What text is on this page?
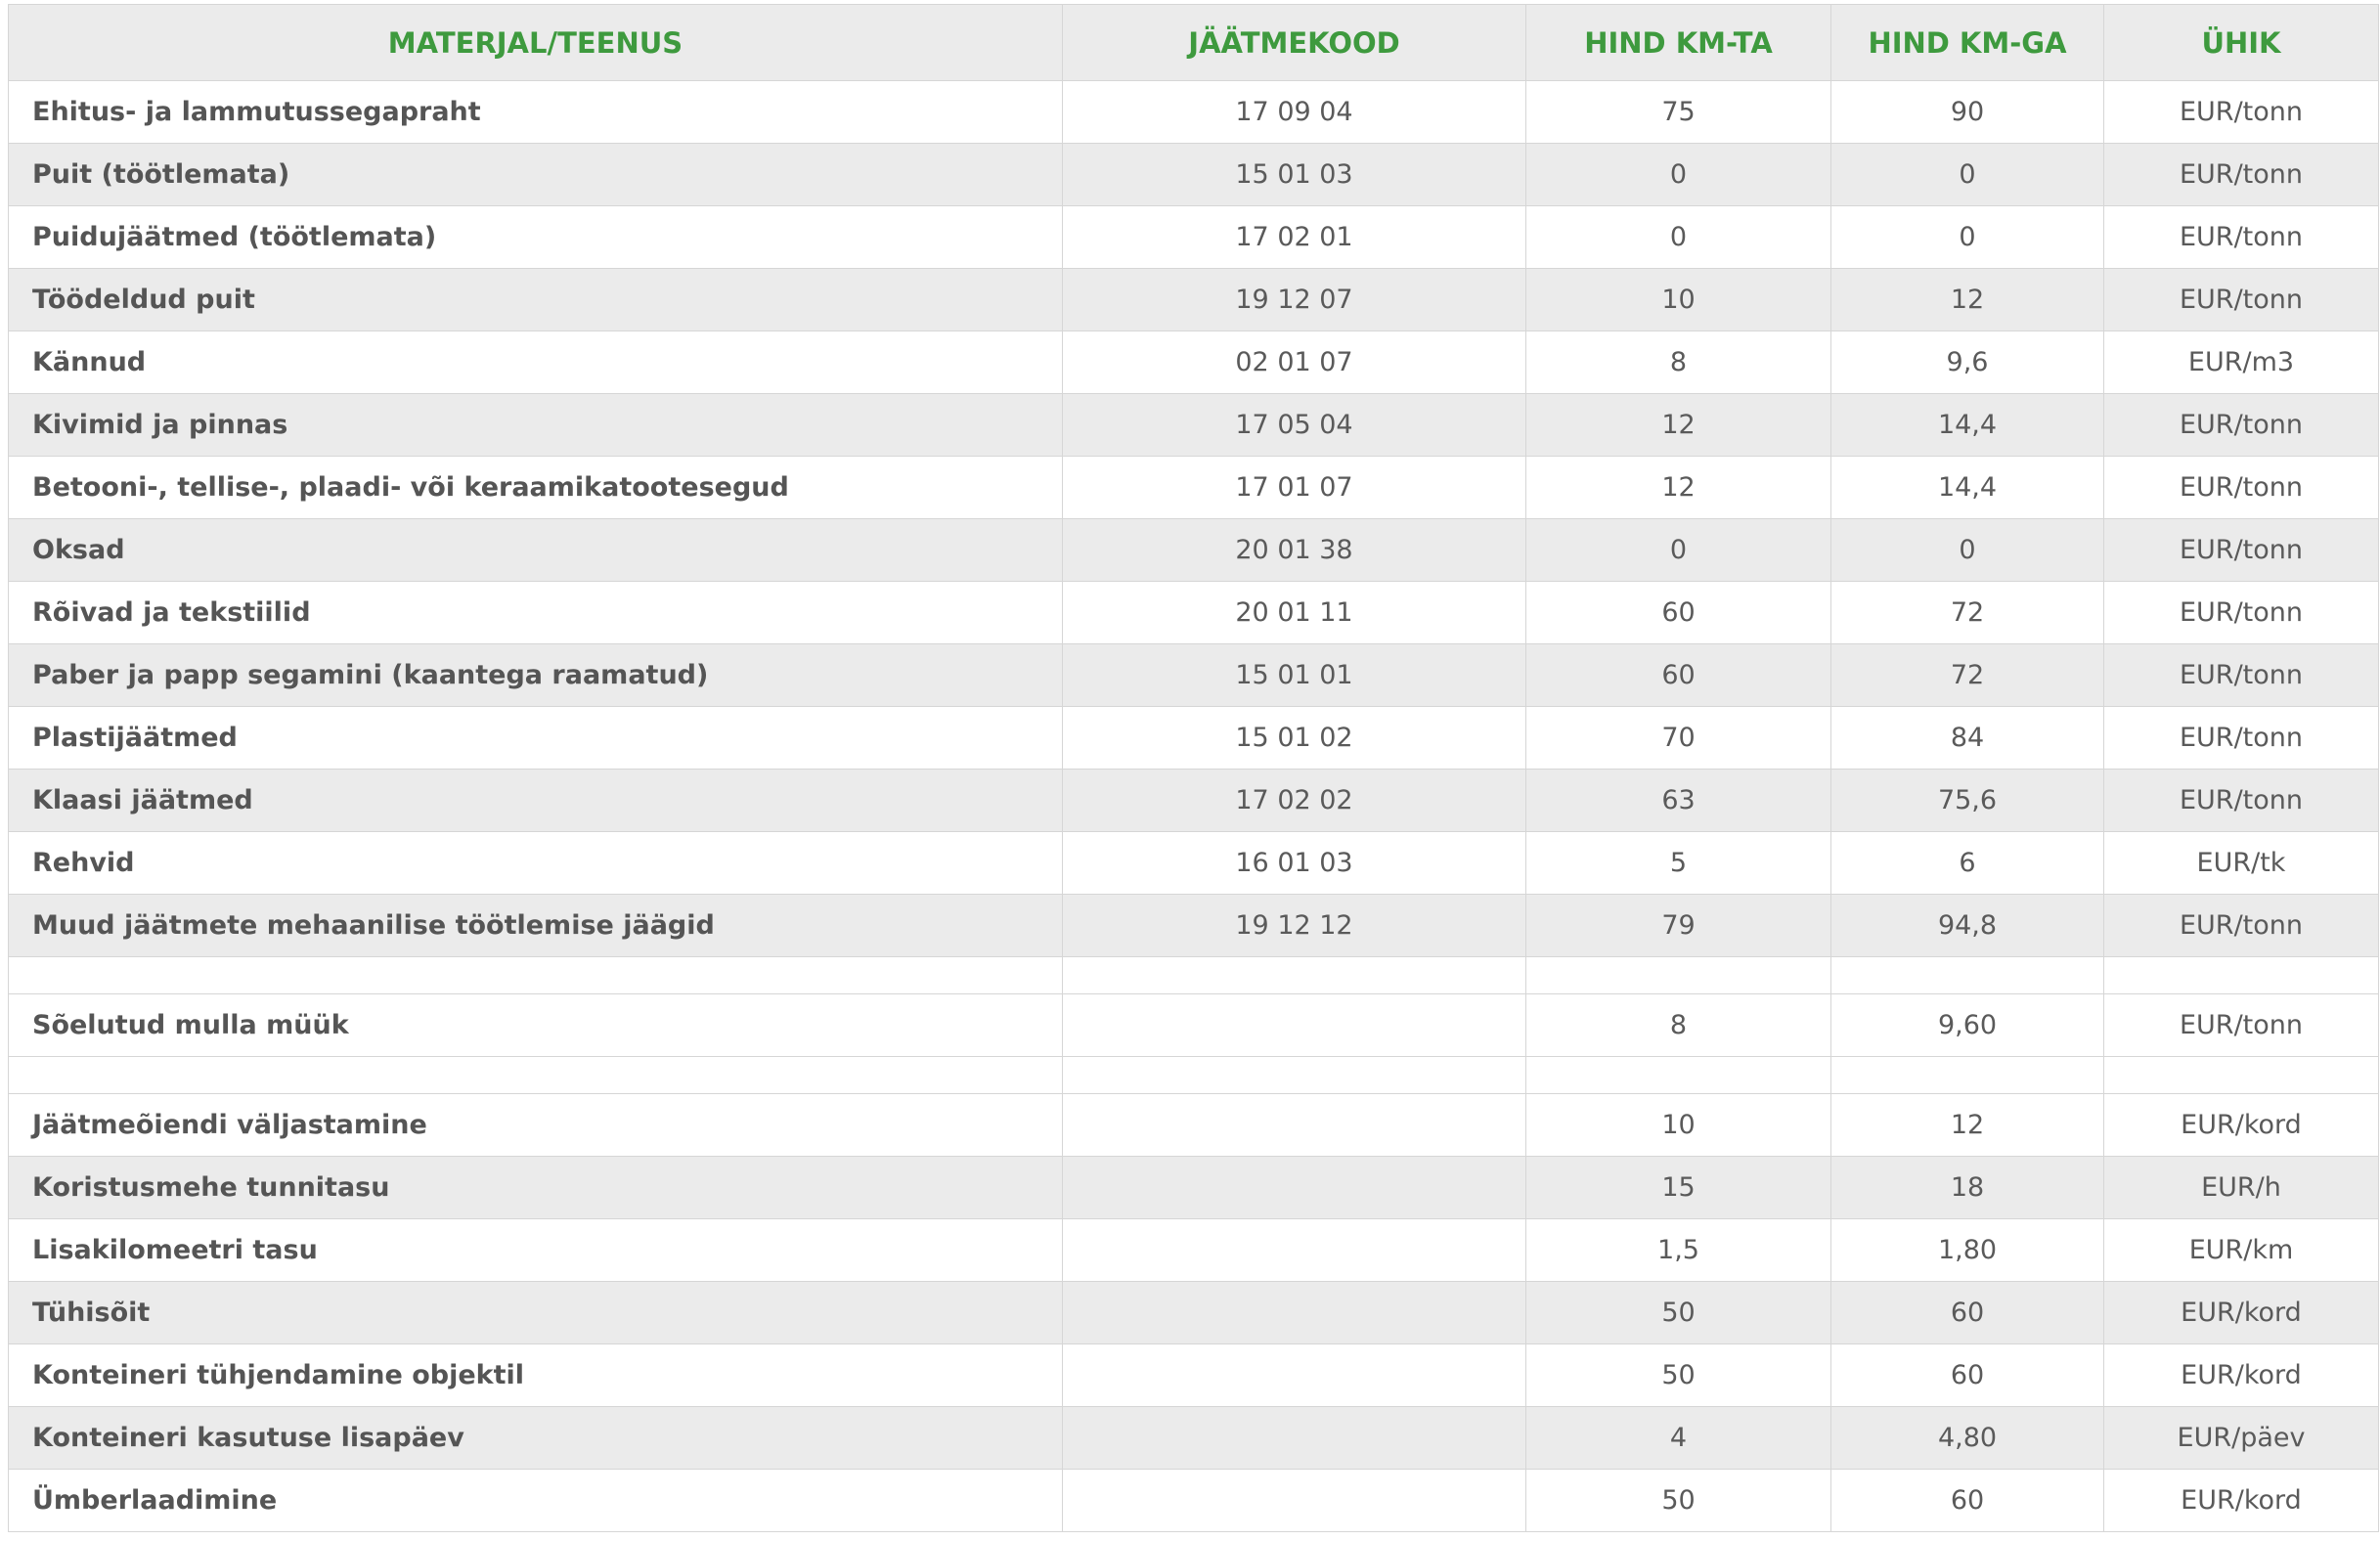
MATERJAL/TEENUS	JÄÄTMEKOOD	HIND KM-TA	HIND KM-GA	ÜHIK
Ehitus- ja lammutussegapraht	17 09 04	75	90	EUR/tonn
Puit (töötlemata)	15 01 03	0	0	EUR/tonn
Puidujäätmed (töötlemata)	17 02 01	0	0	EUR/tonn
Töödeldud puit	19 12 07	10	12	EUR/tonn
Kännud	02 01 07	8	9,6	EUR/m3
Kivimid ja pinnas	17 05 04	12	14,4	EUR/tonn
Betooni-, tellise-, plaadi- või keraamikatootesegud	17 01 07	12	14,4	EUR/tonn
Oksad	20 01 38	0	0	EUR/tonn
Rõivad ja tekstiilid	20 01 11	60	72	EUR/tonn
Paber ja papp segamini (kaantega raamatud)	15 01 01	60	72	EUR/tonn
Plastijäätmed	15 01 02	70	84	EUR/tonn
Klaasi jäätmed	17 02 02	63	75,6	EUR/tonn
Rehvid	16 01 03	5	6	EUR/tk
Muud jäätmete mehaanilise töötlemise jäägid	19 12 12	79	94,8	EUR/tonn

Sõelutud mulla müük		8	9,60	EUR/tonn

Jäätmeõiendi väljastamine		10	12	EUR/kord
Koristusmehe tunnitasu		15	18	EUR/h
Lisakilomeetri tasu		1,5	1,80	EUR/km
Tühisõit		50	60	EUR/kord
Konteineri tühjendamine objektil		50	60	EUR/kord
Konteineri kasutuse lisapäev		4	4,80	EUR/päev
Ümberlaadimine		50	60	EUR/kord
